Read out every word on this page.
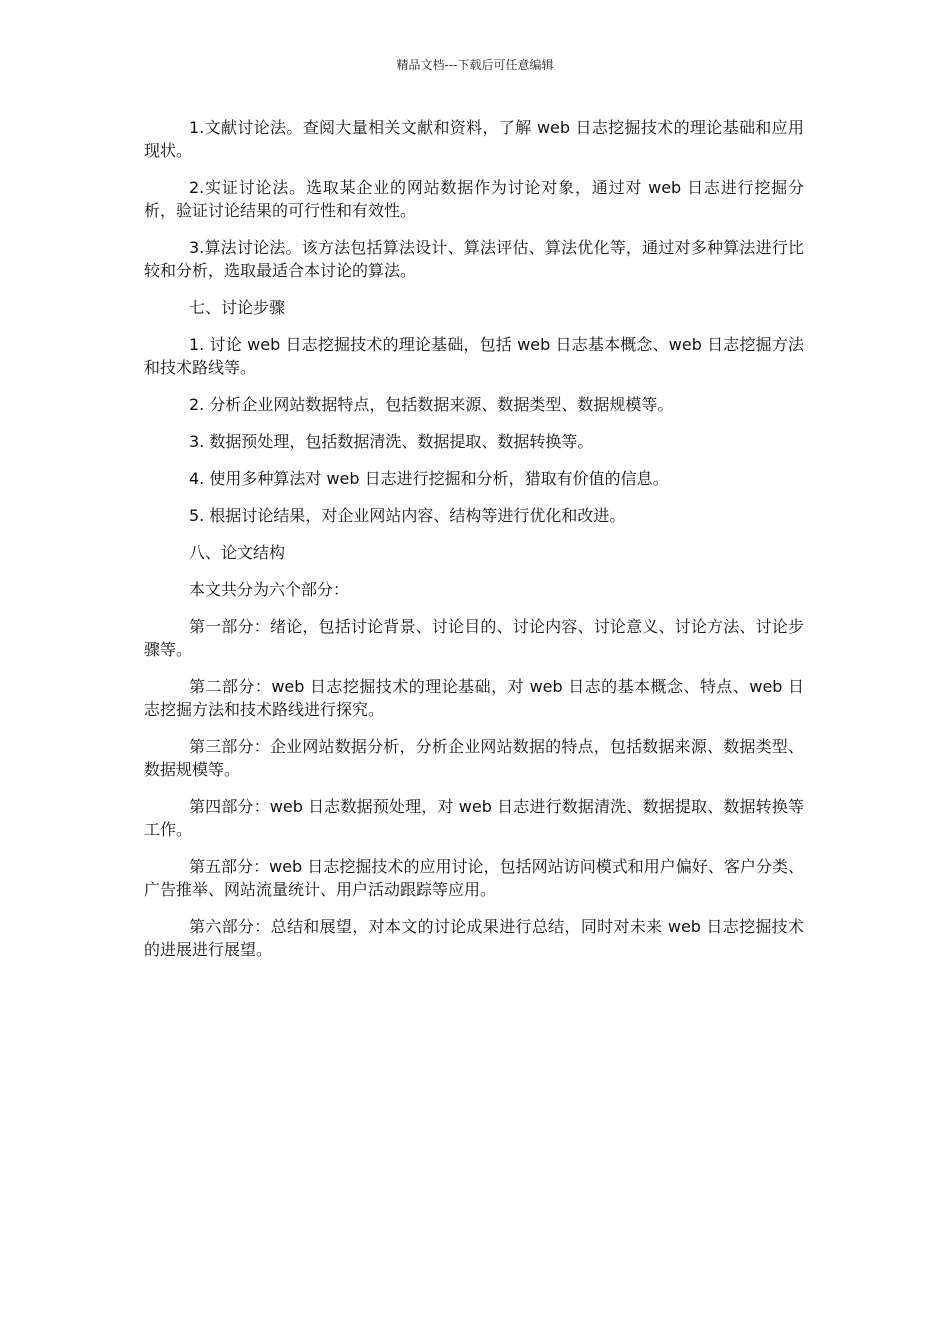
精品文档---下载后可任意编辑

1.文献讨论法。查阅大量相关文献和资料，了解 web 日志挖掘技术的理论基础和应用现状。

2.实证讨论法。选取某企业的网站数据作为讨论对象，通过对 web 日志进行挖掘分析，验证讨论结果的可行性和有效性。

3.算法讨论法。该方法包括算法设计、算法评估、算法优化等，通过对多种算法进行比较和分析，选取最适合本讨论的算法。

七、讨论步骤

1. 讨论 web 日志挖掘技术的理论基础，包括 web 日志基本概念、web 日志挖掘方法和技术路线等。

2. 分析企业网站数据特点，包括数据来源、数据类型、数据规模等。

3. 数据预处理，包括数据清洗、数据提取、数据转换等。

4. 使用多种算法对 web 日志进行挖掘和分析，猎取有价值的信息。

5. 根据讨论结果，对企业网站内容、结构等进行优化和改进。

八、论文结构

本文共分为六个部分：

第一部分：绪论，包括讨论背景、讨论目的、讨论内容、讨论意义、讨论方法、讨论步骤等。

第二部分：web 日志挖掘技术的理论基础，对 web 日志的基本概念、特点、web 日志挖掘方法和技术路线进行探究。

第三部分：企业网站数据分析，分析企业网站数据的特点，包括数据来源、数据类型、数据规模等。

第四部分：web 日志数据预处理，对 web 日志进行数据清洗、数据提取、数据转换等工作。

第五部分：web 日志挖掘技术的应用讨论，包括网站访问模式和用户偏好、客户分类、广告推举、网站流量统计、用户活动跟踪等应用。

第六部分：总结和展望，对本文的讨论成果进行总结，同时对未来 web 日志挖掘技术的进展进行展望。
